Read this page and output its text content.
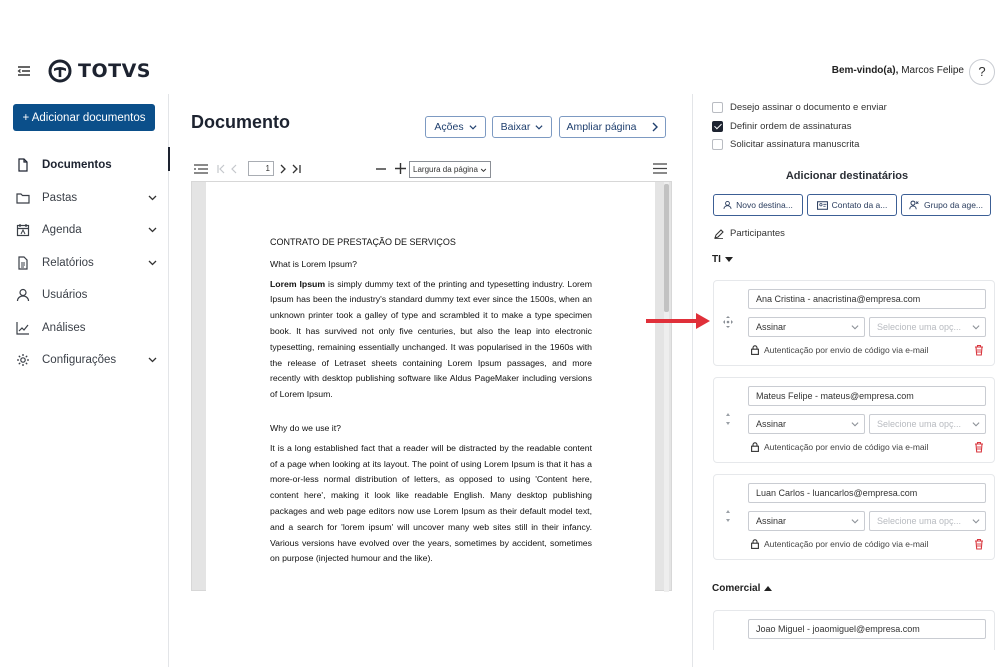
TOTVS	Bem-vindo(a), Marcos Felipe	?
+ Adicionar documentos
Documentos
Pastas
Agenda
Relatórios
Usuários
Análises
Configurações
Documento	Ações	Baixar	Ampliar página
1	Largura da página
CONTRATO DE PRESTAÇÃO DE SERVIÇOS
What is Lorem Ipsum?
Lorem Ipsum is simply dummy text of the printing and typesetting industry. Lorem Ipsum has been the industry's standard dummy text ever since the 1500s, when an unknown printer took a galley of type and scrambled it to make a type specimen book. It has survived not only five centuries, but also the leap into electronic typesetting, remaining essentially unchanged. It was popularised in the 1960s with the release of Letraset sheets containing Lorem Ipsum passages, and more recently with desktop publishing software like Aldus PageMaker including versions of Lorem Ipsum.
Why do we use it?
It is a long established fact that a reader will be distracted by the readable content of a page when looking at its layout. The point of using Lorem Ipsum is that it has a more-or-less normal distribution of letters, as opposed to using 'Content here, content here', making it look like readable English. Many desktop publishing packages and web page editors now use Lorem Ipsum as their default model text, and a search for 'lorem ipsum' will uncover many web sites still in their infancy. Various versions have evolved over the years, sometimes by accident, sometimes on purpose (injected humour and the like).
Desejo assinar o documento e enviar
Definir ordem de assinaturas
Solicitar assinatura manuscrita
Adicionar destinatários
Novo destina...	Contato da a...	Grupo da age...
Participantes
TI
Ana Cristina - anacristina@empresa.com
Assinar	Selecione uma opç...
Autenticação por envio de código via e-mail
Mateus Felipe - mateus@empresa.com
Assinar	Selecione uma opç...
Autenticação por envio de código via e-mail
Luan Carlos - luancarlos@empresa.com
Assinar	Selecione uma opç...
Autenticação por envio de código via e-mail
Comercial
Joao Miguel - joaomiguel@empresa.com
